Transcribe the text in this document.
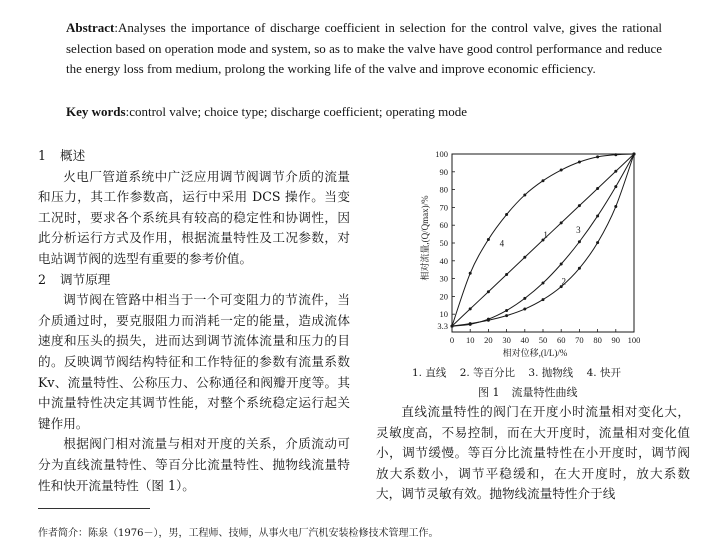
Abstract:Analyses the importance of discharge coefficient in selection for the control valve, gives the rational selection based on operation mode and system, so as to make the valve have good control performance and reduce the energy loss from medium, prolong the working life of the valve and improve economic efficiency.
Key words:control valve; choice type; discharge coefficient; operating mode

1 概述

火电厂管道系统中广泛应用调节阀调节介质的流量和压力，其工作参数高，运行中采用 DCS 操作。当变工况时，要求各个系统具有较高的稳定性和协调性，因此分析运行方式及作用，根据流量特性及工况参数，对电站调节阀的选型有重要的参考价值。

2 调节原理

调节阀在管路中相当于一个可变阻力的节流件，当介质通过时，要克服阻力而消耗一定的能量，造成流体速度和压头的损失，进而达到调节流体流量和压力的目的。反映调节阀结构特征和工作特征的参数有流量系数 Kv、流量特性、公称压力、公称通径和阀瓣开度等。其中流量特性决定其调节性能，对整个系统稳定运行起关键作用。

根据阀门相对流量与相对开度的关系，介质流动可分为直线流量特性、等百分比流量特性、抛物线流量特性和快开流量特性（图 1）。

作者简介：陈泉（1976－），男，工程师、技师，从事火电厂汽机安装检修技术管理工作。
0 10 20 30 40 50 60 70 80 90 100
3.3
10
20
30
40
50
60
70
80
90
100
1
2
3
4
相对位移,(l/L)/%
相对流量,(Q/Qmax)/%
1. 直线 2. 等百分比 3. 抛物线 4. 快开
图 1 流量特性曲线

直线流量特性的阀门在开度小时流量相对变化大，灵敏度高，不易控制，而在大开度时，流量相对变化值小，调节缓慢。等百分比流量特性在小开度时，调节阀放大系数小，调节平稳缓和，在大开度时，放大系数大，调节灵敏有效。抛物线流量特性介于线
